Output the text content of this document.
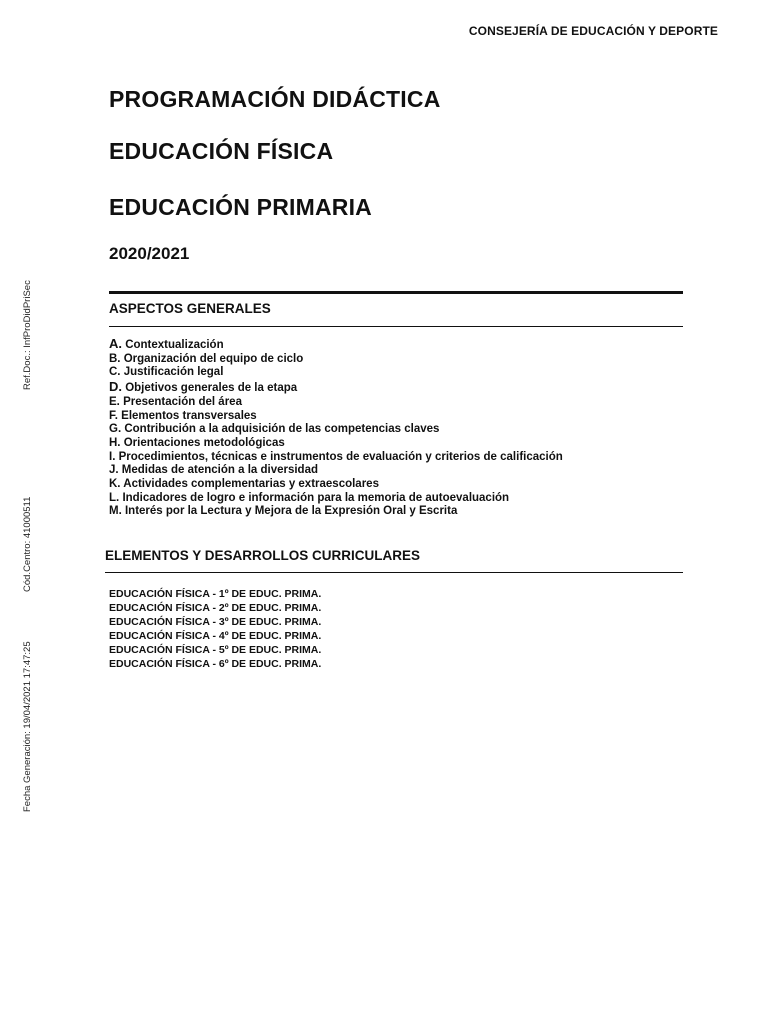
CONSEJERÍA DE EDUCACIÓN Y DEPORTE
Ref.Doc.: InfProDidPriSec
Cód.Centro: 41000511
Fecha Generación: 19/04/2021 17:47:25
PROGRAMACIÓN DIDÁCTICA
EDUCACIÓN FÍSICA
EDUCACIÓN PRIMARIA
2020/2021
ASPECTOS GENERALES
A. Contextualización
B. Organización del equipo de ciclo
C. Justificación legal
D. Objetivos generales de la etapa
E. Presentación del área
F. Elementos transversales
G. Contribución a la adquisición de las competencias claves
H. Orientaciones metodológicas
I. Procedimientos, técnicas e instrumentos de evaluación y criterios de calificación
J. Medidas de atención a la diversidad
K. Actividades complementarias y extraescolares
L. Indicadores de logro e información para la memoria de autoevaluación
M. Interés por la Lectura y Mejora de la Expresión Oral y Escrita
ELEMENTOS Y DESARROLLOS CURRICULARES
EDUCACIÓN FÍSICA - 1º DE EDUC. PRIMA.
EDUCACIÓN FÍSICA - 2º DE EDUC. PRIMA.
EDUCACIÓN FÍSICA - 3º DE EDUC. PRIMA.
EDUCACIÓN FÍSICA - 4º DE EDUC. PRIMA.
EDUCACIÓN FÍSICA - 5º DE EDUC. PRIMA.
EDUCACIÓN FÍSICA - 6º DE EDUC. PRIMA.
